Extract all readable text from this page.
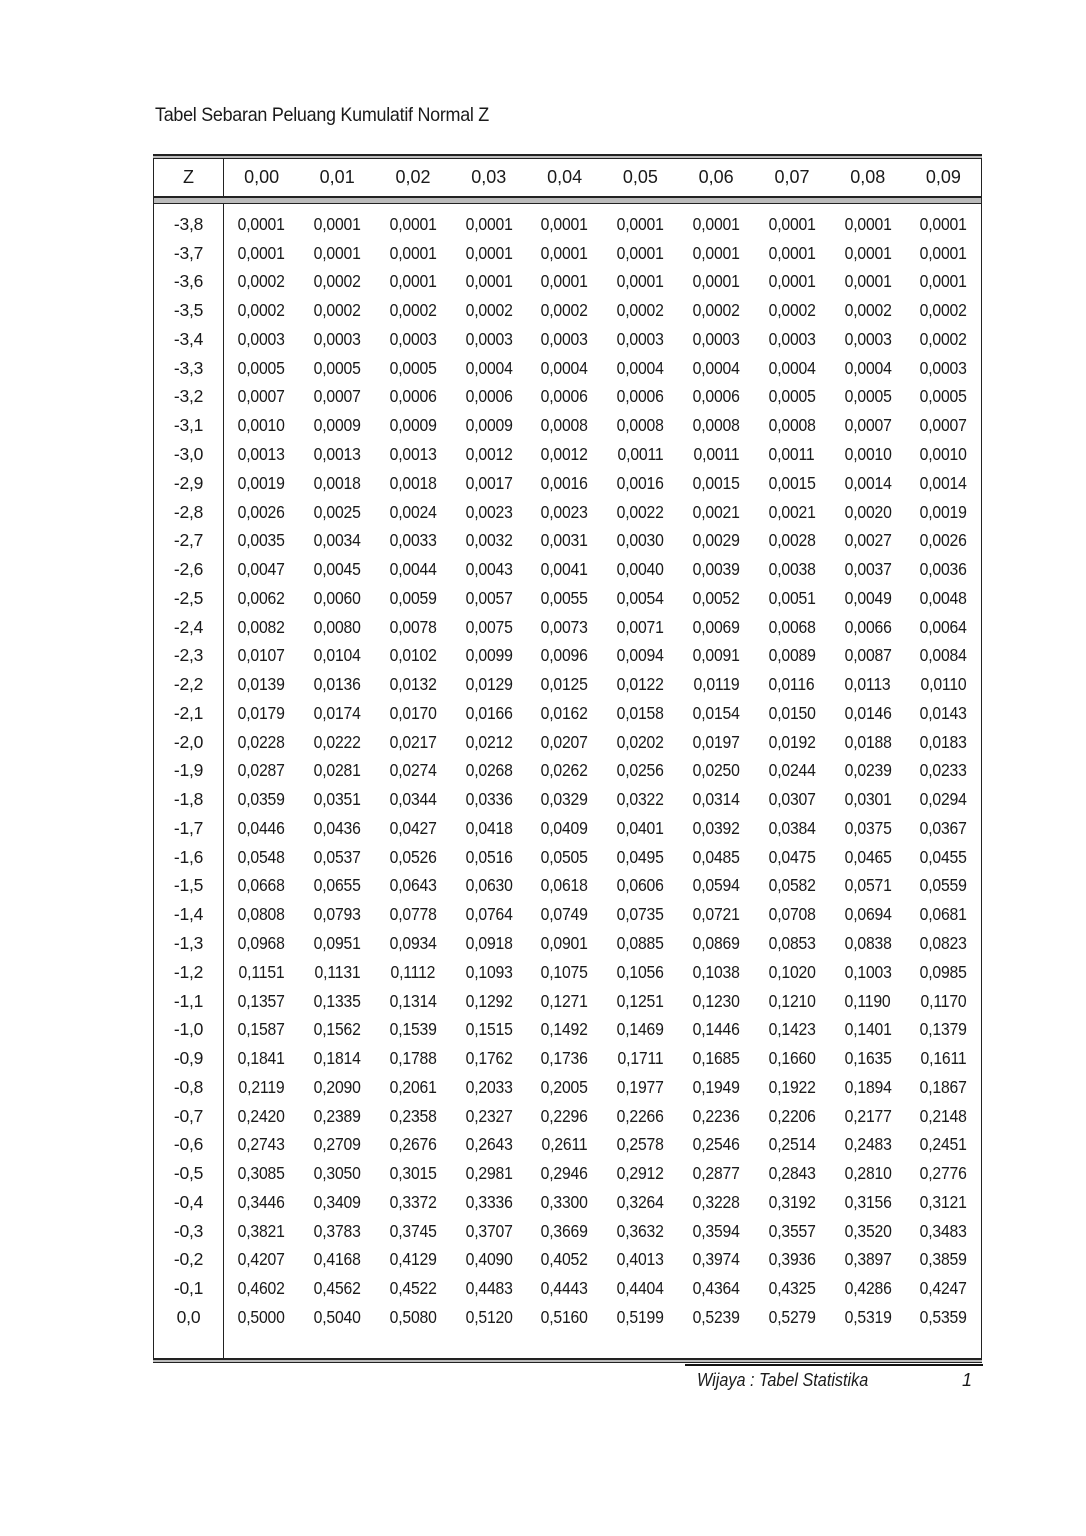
Tabel Sebaran Peluang Kumulatif Normal Z
Z	0,00	0,01	0,02	0,03	0,04	0,05	0,06	0,07	0,08	0,09

-3,8	0,0001	0,0001	0,0001	0,0001	0,0001	0,0001	0,0001	0,0001	0,0001	0,0001
-3,7	0,0001	0,0001	0,0001	0,0001	0,0001	0,0001	0,0001	0,0001	0,0001	0,0001
-3,6	0,0002	0,0002	0,0001	0,0001	0,0001	0,0001	0,0001	0,0001	0,0001	0,0001
-3,5	0,0002	0,0002	0,0002	0,0002	0,0002	0,0002	0,0002	0,0002	0,0002	0,0002
-3,4	0,0003	0,0003	0,0003	0,0003	0,0003	0,0003	0,0003	0,0003	0,0003	0,0002
-3,3	0,0005	0,0005	0,0005	0,0004	0,0004	0,0004	0,0004	0,0004	0,0004	0,0003
-3,2	0,0007	0,0007	0,0006	0,0006	0,0006	0,0006	0,0006	0,0005	0,0005	0,0005
-3,1	0,0010	0,0009	0,0009	0,0009	0,0008	0,0008	0,0008	0,0008	0,0007	0,0007
-3,0	0,0013	0,0013	0,0013	0,0012	0,0012	0,0011	0,0011	0,0011	0,0010	0,0010
-2,9	0,0019	0,0018	0,0018	0,0017	0,0016	0,0016	0,0015	0,0015	0,0014	0,0014
-2,8	0,0026	0,0025	0,0024	0,0023	0,0023	0,0022	0,0021	0,0021	0,0020	0,0019
-2,7	0,0035	0,0034	0,0033	0,0032	0,0031	0,0030	0,0029	0,0028	0,0027	0,0026
-2,6	0,0047	0,0045	0,0044	0,0043	0,0041	0,0040	0,0039	0,0038	0,0037	0,0036
-2,5	0,0062	0,0060	0,0059	0,0057	0,0055	0,0054	0,0052	0,0051	0,0049	0,0048
-2,4	0,0082	0,0080	0,0078	0,0075	0,0073	0,0071	0,0069	0,0068	0,0066	0,0064
-2,3	0,0107	0,0104	0,0102	0,0099	0,0096	0,0094	0,0091	0,0089	0,0087	0,0084
-2,2	0,0139	0,0136	0,0132	0,0129	0,0125	0,0122	0,0119	0,0116	0,0113	0,0110
-2,1	0,0179	0,0174	0,0170	0,0166	0,0162	0,0158	0,0154	0,0150	0,0146	0,0143
-2,0	0,0228	0,0222	0,0217	0,0212	0,0207	0,0202	0,0197	0,0192	0,0188	0,0183
-1,9	0,0287	0,0281	0,0274	0,0268	0,0262	0,0256	0,0250	0,0244	0,0239	0,0233
-1,8	0,0359	0,0351	0,0344	0,0336	0,0329	0,0322	0,0314	0,0307	0,0301	0,0294
-1,7	0,0446	0,0436	0,0427	0,0418	0,0409	0,0401	0,0392	0,0384	0,0375	0,0367
-1,6	0,0548	0,0537	0,0526	0,0516	0,0505	0,0495	0,0485	0,0475	0,0465	0,0455
-1,5	0,0668	0,0655	0,0643	0,0630	0,0618	0,0606	0,0594	0,0582	0,0571	0,0559
-1,4	0,0808	0,0793	0,0778	0,0764	0,0749	0,0735	0,0721	0,0708	0,0694	0,0681
-1,3	0,0968	0,0951	0,0934	0,0918	0,0901	0,0885	0,0869	0,0853	0,0838	0,0823
-1,2	0,1151	0,1131	0,1112	0,1093	0,1075	0,1056	0,1038	0,1020	0,1003	0,0985
-1,1	0,1357	0,1335	0,1314	0,1292	0,1271	0,1251	0,1230	0,1210	0,1190	0,1170
-1,0	0,1587	0,1562	0,1539	0,1515	0,1492	0,1469	0,1446	0,1423	0,1401	0,1379
-0,9	0,1841	0,1814	0,1788	0,1762	0,1736	0,1711	0,1685	0,1660	0,1635	0,1611
-0,8	0,2119	0,2090	0,2061	0,2033	0,2005	0,1977	0,1949	0,1922	0,1894	0,1867
-0,7	0,2420	0,2389	0,2358	0,2327	0,2296	0,2266	0,2236	0,2206	0,2177	0,2148
-0,6	0,2743	0,2709	0,2676	0,2643	0,2611	0,2578	0,2546	0,2514	0,2483	0,2451
-0,5	0,3085	0,3050	0,3015	0,2981	0,2946	0,2912	0,2877	0,2843	0,2810	0,2776
-0,4	0,3446	0,3409	0,3372	0,3336	0,3300	0,3264	0,3228	0,3192	0,3156	0,3121
-0,3	0,3821	0,3783	0,3745	0,3707	0,3669	0,3632	0,3594	0,3557	0,3520	0,3483
-0,2	0,4207	0,4168	0,4129	0,4090	0,4052	0,4013	0,3974	0,3936	0,3897	0,3859
-0,1	0,4602	0,4562	0,4522	0,4483	0,4443	0,4404	0,4364	0,4325	0,4286	0,4247
0,0	0,5000	0,5040	0,5080	0,5120	0,5160	0,5199	0,5239	0,5279	0,5319	0,5359

Wijaya : Tabel Statistika	1
